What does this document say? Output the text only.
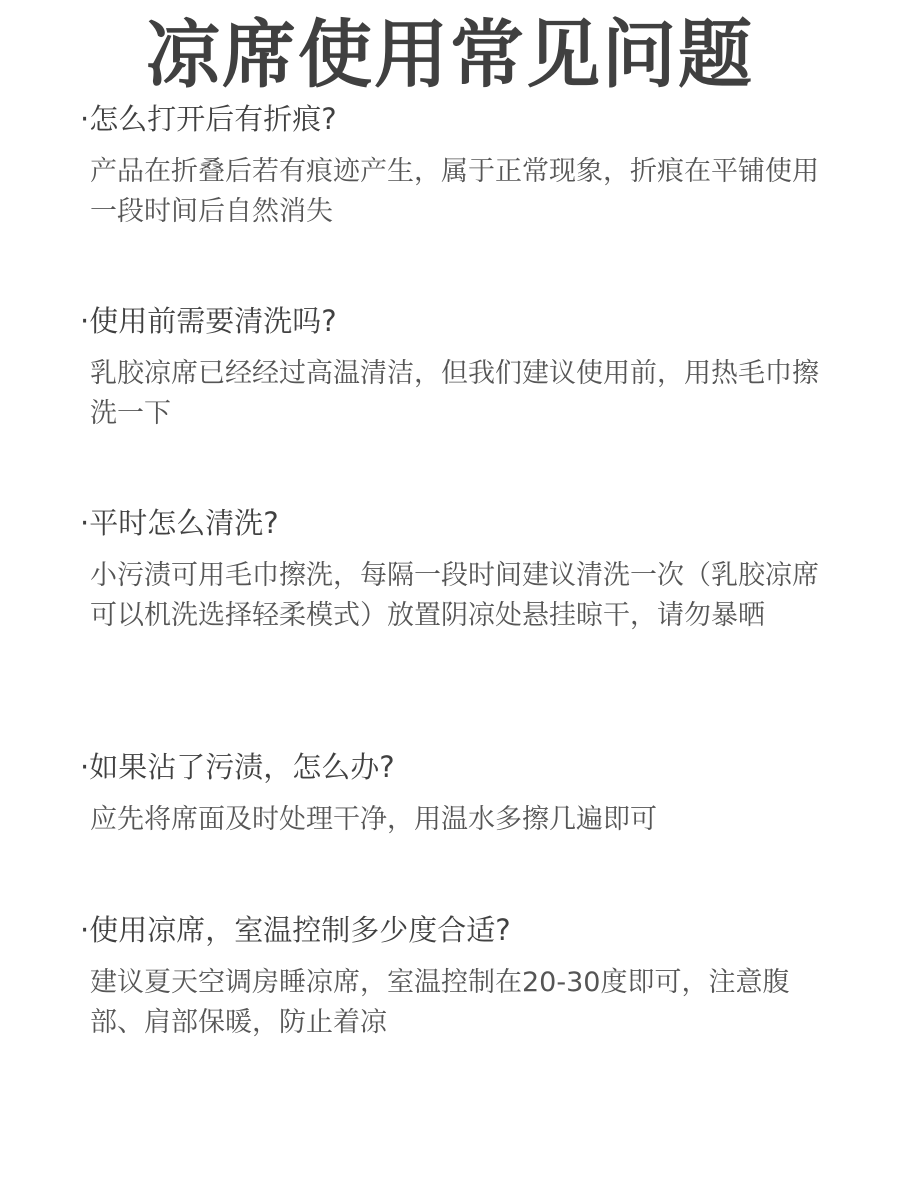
凉席使用常见问题
·怎么打开后有折痕?
产品在折叠后若有痕迹产生，属于正常现象，折痕在平铺使用一段时间后自然消失
·使用前需要清洗吗?
乳胶凉席已经经过高温清洁，但我们建议使用前，用热毛巾擦洗一下
·平时怎么清洗?
小污渍可用毛巾擦洗，每隔一段时间建议清洗一次（乳胶凉席可以机洗选择轻柔模式）放置阴凉处悬挂晾干，请勿暴晒
·如果沾了污渍，怎么办?
应先将席面及时处理干净，用温水多擦几遍即可
·使用凉席，室温控制多少度合适?
建议夏天空调房睡凉席，室温控制在20-30度即可，注意腹部、肩部保暖，防止着凉
